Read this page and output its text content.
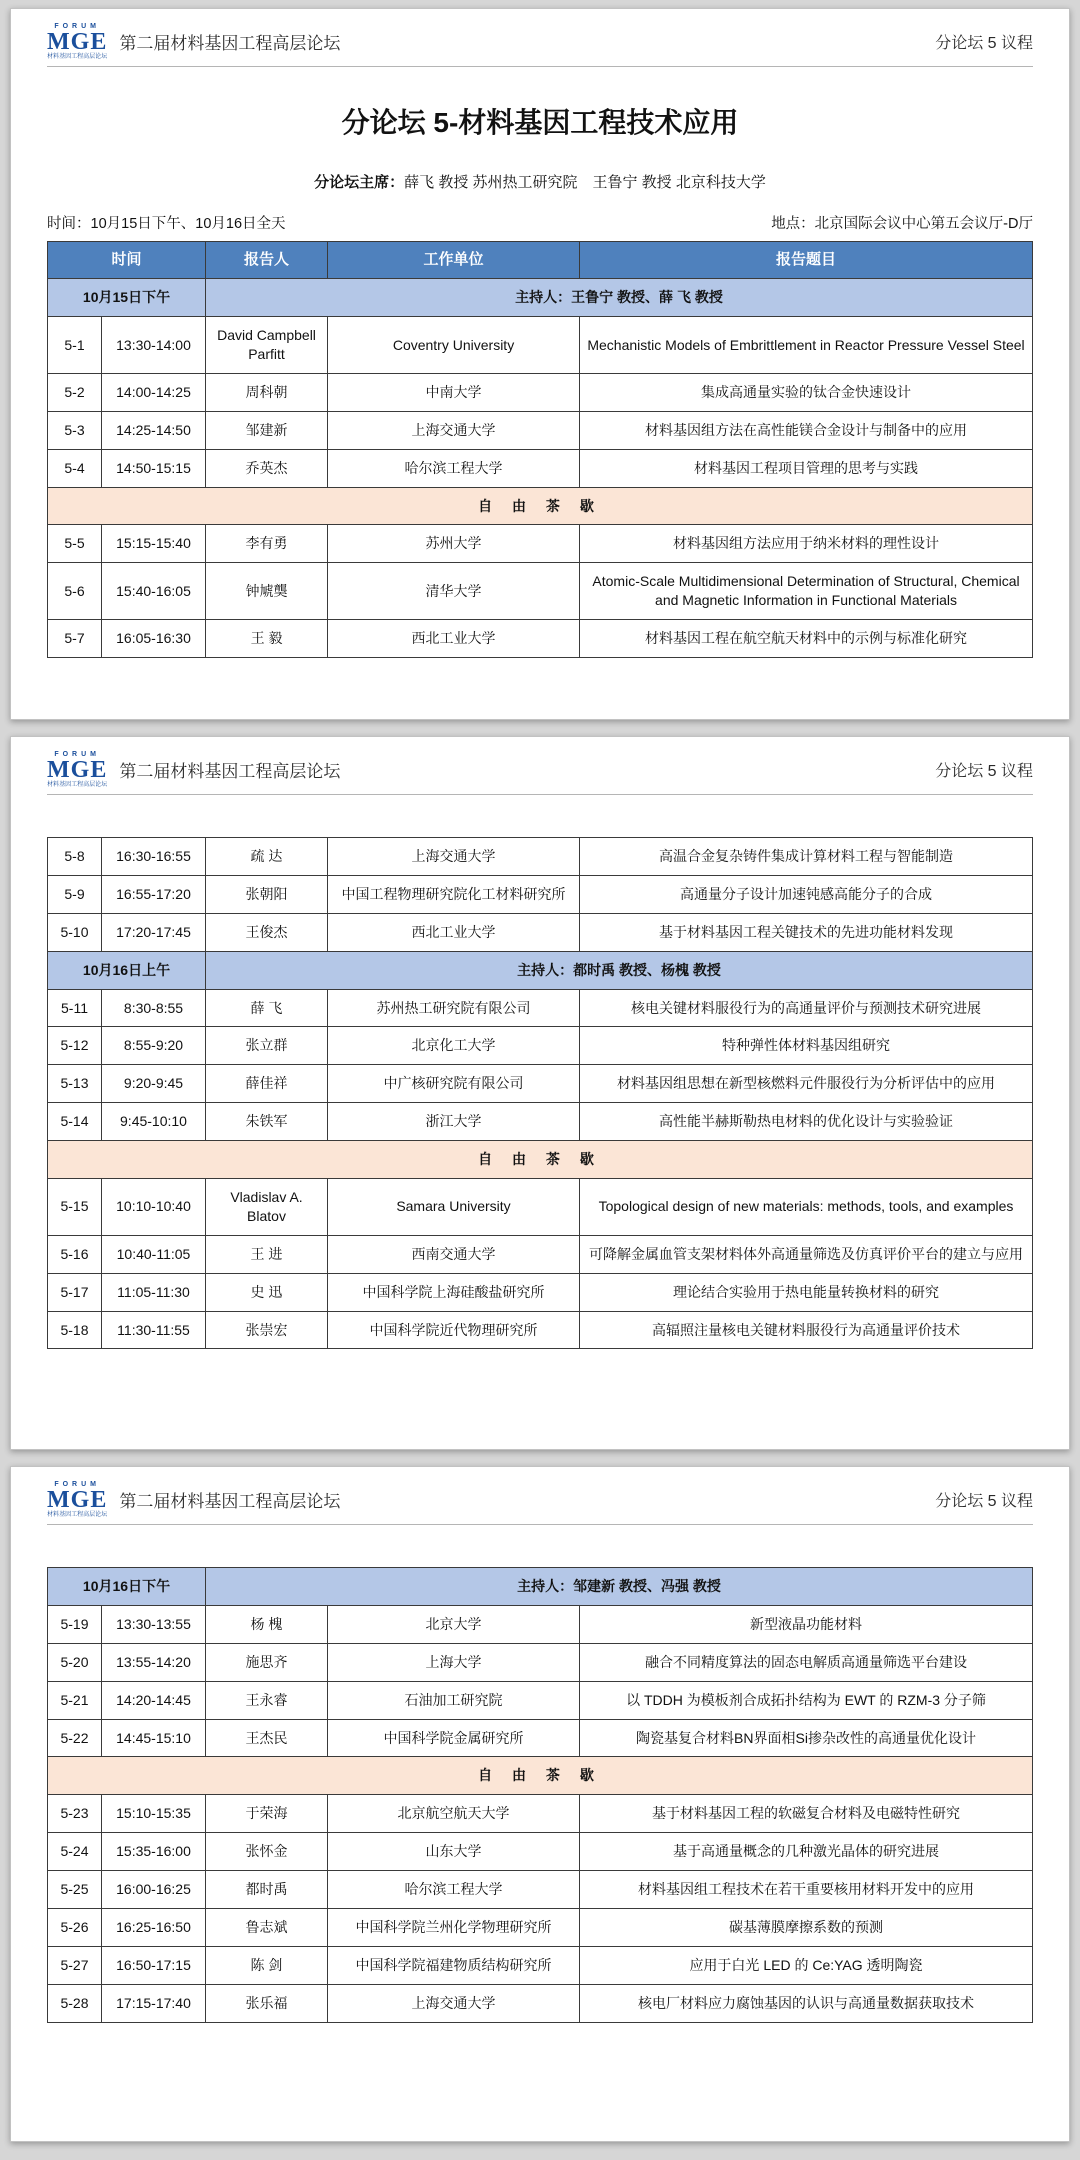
FORUM
MGE
材料基因工程高层论坛
第二届材料基因工程高层论坛	分论坛 5 议程
分论坛 5-材料基因工程技术应用
分论坛主席：薛飞 教授 苏州热工研究院　王鲁宁 教授 北京科技大学
时间：10月15日下午、10月16日全天	地点：北京国际会议中心第五会议厅-D厅
时间		报告人	工作单位	报告题目
10月15日下午		主持人：王鲁宁 教授、薛 飞 教授		
5-1	13:30-14:00	David Campbell Parfitt	Coventry University	Mechanistic Models of Embrittlement in Reactor Pressure Vessel Steel
5-2	14:00-14:25	周科朝	中南大学	集成高通量实验的钛合金快速设计
5-3	14:25-14:50	邹建新	上海交通大学	材料基因组方法在高性能镁合金设计与制备中的应用
5-4	14:50-15:15	乔英杰	哈尔滨工程大学	材料基因工程项目管理的思考与实践
自 由 茶 歇				
5-5	15:15-15:40	李有勇	苏州大学	材料基因组方法应用于纳米材料的理性设计
5-6	15:40-16:05	钟虓龑	清华大学	Atomic-Scale Multidimensional Determination of Structural, Chemical and Magnetic Information in Functional Materials
5-7	16:05-16:30	王 毅	西北工业大学	材料基因工程在航空航天材料中的示例与标准化研究
FORUM
MGE
材料基因工程高层论坛
第二届材料基因工程高层论坛	分论坛 5 议程
5-8	16:30-16:55	疏 达	上海交通大学	高温合金复杂铸件集成计算材料工程与智能制造
5-9	16:55-17:20	张朝阳	中国工程物理研究院化工材料研究所	高通量分子设计加速钝感高能分子的合成
5-10	17:20-17:45	王俊杰	西北工业大学	基于材料基因工程关键技术的先进功能材料发现
10月16日上午		主持人：都时禹 教授、杨槐 教授		
5-11	8:30-8:55	薛 飞	苏州热工研究院有限公司	核电关键材料服役行为的高通量评价与预测技术研究进展
5-12	8:55-9:20	张立群	北京化工大学	特种弹性体材料基因组研究
5-13	9:20-9:45	薛佳祥	中广核研究院有限公司	材料基因组思想在新型核燃料元件服役行为分析评估中的应用
5-14	9:45-10:10	朱铁军	浙江大学	高性能半赫斯勒热电材料的优化设计与实验验证
自 由 茶 歇				
5-15	10:10-10:40	Vladislav A. Blatov	Samara University	Topological design of new materials: methods, tools, and examples
5-16	10:40-11:05	王 进	西南交通大学	可降解金属血管支架材料体外高通量筛选及仿真评价平台的建立与应用
5-17	11:05-11:30	史 迅	中国科学院上海硅酸盐研究所	理论结合实验用于热电能量转换材料的研究
5-18	11:30-11:55	张崇宏	中国科学院近代物理研究所	高辐照注量核电关键材料服役行为高通量评价技术
FORUM
MGE
材料基因工程高层论坛
第二届材料基因工程高层论坛	分论坛 5 议程
10月16日下午		主持人：邹建新 教授、冯强 教授		
5-19	13:30-13:55	杨 槐	北京大学	新型液晶功能材料
5-20	13:55-14:20	施思齐	上海大学	融合不同精度算法的固态电解质高通量筛选平台建设
5-21	14:20-14:45	王永睿	石油加工研究院	以 TDDH 为模板剂合成拓扑结构为 EWT 的 RZM-3 分子筛
5-22	14:45-15:10	王杰民	中国科学院金属研究所	陶瓷基复合材料BN界面相Si掺杂改性的高通量优化设计
自 由 茶 歇				
5-23	15:10-15:35	于荣海	北京航空航天大学	基于材料基因工程的软磁复合材料及电磁特性研究
5-24	15:35-16:00	张怀金	山东大学	基于高通量概念的几种激光晶体的研究进展
5-25	16:00-16:25	都时禹	哈尔滨工程大学	材料基因组工程技术在若干重要核用材料开发中的应用
5-26	16:25-16:50	鲁志斌	中国科学院兰州化学物理研究所	碳基薄膜摩擦系数的预测
5-27	16:50-17:15	陈 剑	中国科学院福建物质结构研究所	应用于白光 LED 的 Ce:YAG 透明陶瓷
5-28	17:15-17:40	张乐福	上海交通大学	核电厂材料应力腐蚀基因的认识与高通量数据获取技术
